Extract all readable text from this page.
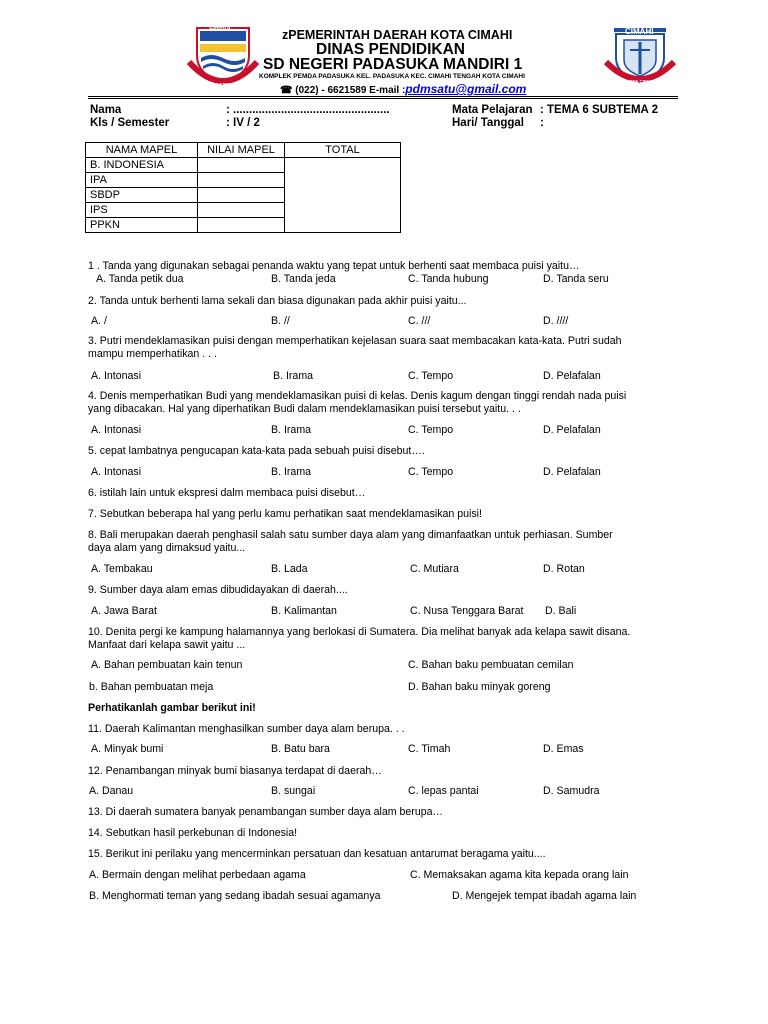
CIMAHI
KOTA CIMAHI
CIMAHI
KOTA CIMAHI
zPEMERINTAH DAERAH KOTA CIMAHI
DINAS PENDIDIKAN
SD NEGERI PADASUKA MANDIRI 1
KOMPLEK PEMDA PADASUKA KEL. PADASUKA KEC. CIMAHI TENGAH KOTA CIMAHI
☎ (022) - 6621589 E-mail :pdmsatu@gmail.com
Nama	: .................................................
Kls / Semester	: IV / 2
Mata Pelajaran : TEMA 6 SUBTEMA 2
Hari/ Tanggal :
NAMA MAPEL	NILAI MAPEL	TOTAL
B. INDONESIA		
IPA		
SBDP		
IPS		
PPKN		
1 . Tanda yang digunakan sebagai penanda waktu yang tepat untuk berhenti saat membaca puisi yaitu…
A. Tanda petik dua	B. Tanda jeda	C. Tanda hubung	D. Tanda seru
2. Tanda untuk berhenti lama sekali dan biasa digunakan pada akhir puisi yaitu...
A. /	B. //	C. ///	D. ////
3. Putri mendeklamasikan puisi dengan memperhatikan kejelasan suara saat membacakan kata-kata. Putri sudah
mampu memperhatikan . . .
A. Intonasi	B. Irama	C. Tempo	D. Pelafalan
4. Denis memperhatikan Budi yang mendeklamasikan puisi di kelas. Denis kagum dengan tinggi rendah nada puisi
yang dibacakan. Hal yang diperhatikan Budi dalam mendeklamasikan puisi tersebut yaitu. . .
A. Intonasi	B. Irama	C. Tempo	D. Pelafalan
5. cepat lambatnya pengucapan kata-kata pada sebuah puisi disebut….
A. Intonasi	B. Irama	C. Tempo	D. Pelafalan
6. istilah lain untuk ekspresi dalm membaca puisi disebut…
7. Sebutkan beberapa hal yang perlu kamu perhatikan saat mendeklamasikan puisi!
8. Bali merupakan daerah penghasil salah satu sumber daya alam yang dimanfaatkan untuk perhiasan. Sumber
daya alam yang dimaksud yaitu...
A. Tembakau	B. Lada	C. Mutiara	D. Rotan
9. Sumber daya alam emas dibudidayakan di daerah....
A. Jawa Barat	B. Kalimantan	C. Nusa Tenggara Barat D. Bali
10. Denita pergi ke kampung halamannya yang berlokasi di Sumatera. Dia melihat banyak ada kelapa sawit disana.
Manfaat dari kelapa sawit yaitu ...
A. Bahan pembuatan kain tenun	C. Bahan baku pembuatan cemilan
b. Bahan pembuatan meja	D. Bahan baku minyak goreng
Perhatikanlah gambar berikut ini!
11. Daerah Kalimantan menghasilkan sumber daya alam berupa. . .
A. Minyak bumi	B. Batu bara	C. Timah	D. Emas
12. Penambangan minyak bumi biasanya terdapat di daerah…
A. Danau	B. sungai	C. lepas pantai	D. Samudra
13. Di daerah sumatera banyak penambangan sumber daya alam berupa…
14. Sebutkan hasil perkebunan di Indonesia!
15. Berikut ini perilaku yang mencerminkan persatuan dan kesatuan antarumat beragama yaitu....
A. Bermain dengan melihat perbedaan agama	C. Memaksakan agama kita kepada orang lain
B. Menghormati teman yang sedang ibadah sesuai agamanya	D. Mengejek tempat ibadah agama lain
